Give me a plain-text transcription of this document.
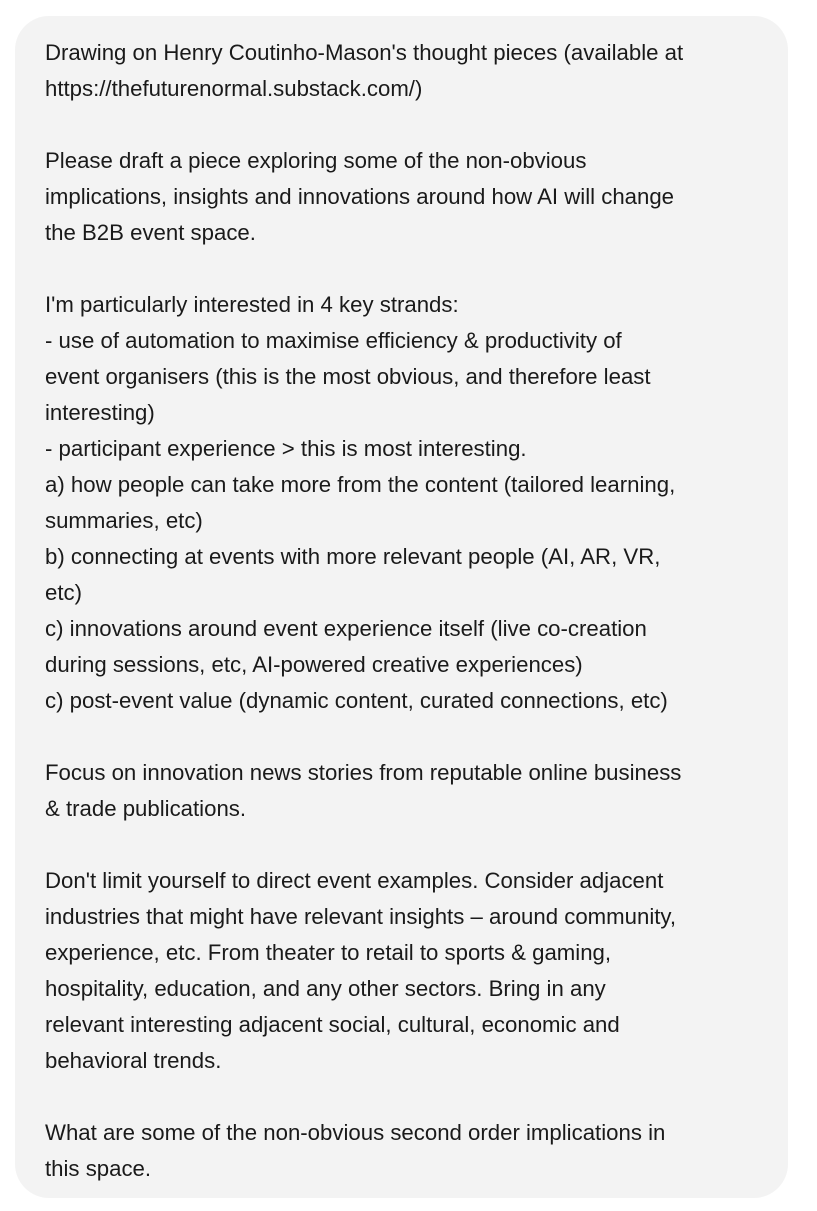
Drawing on Henry Coutinho-Mason's thought pieces (available at
https://thefuturenormal.substack.com/)

Please draft a piece exploring some of the non-obvious
implications, insights and innovations around how AI will change
the B2B event space.

I'm particularly interested in 4 key strands:
- use of automation to maximise efficiency & productivity of
event organisers (this is the most obvious, and therefore least
interesting)
- participant experience > this is most interesting.
a) how people can take more from the content (tailored learning,
summaries, etc)
b) connecting at events with more relevant people (AI, AR, VR,
etc)
c) innovations around event experience itself (live co-creation
during sessions, etc, AI-powered creative experiences)
c) post-event value (dynamic content, curated connections, etc)

Focus on innovation news stories from reputable online business
& trade publications.

Don't limit yourself to direct event examples. Consider adjacent
industries that might have relevant insights – around community,
experience, etc. From theater to retail to sports & gaming,
hospitality, education, and any other sectors. Bring in any
relevant interesting adjacent social, cultural, economic and
behavioral trends.

What are some of the non-obvious second order implications in
this space.
